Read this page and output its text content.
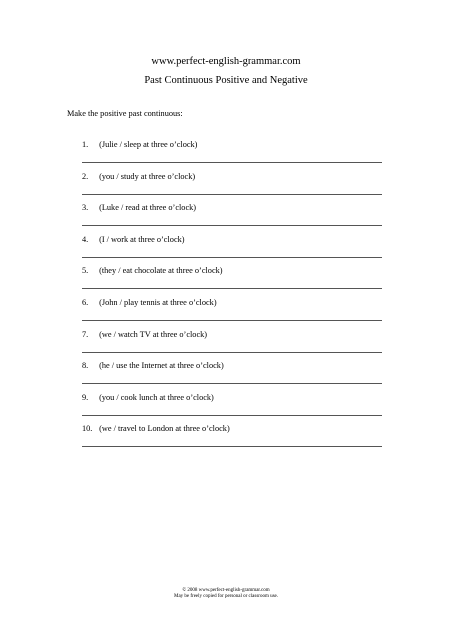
www.perfect-english-grammar.com
Past Continuous Positive and Negative
Make the positive past continuous:
1. (Julie / sleep at three o’clock)
2. (you / study at three o’clock)
3. (Luke / read at three o’clock)
4. (I / work at three o’clock)
5. (they / eat chocolate at three o’clock)
6. (John / play tennis at three o’clock)
7. (we / watch TV at three o’clock)
8. (he / use the Internet at three o’clock)
9. (you / cook lunch at three o’clock)
10. (we / travel to London at three o’clock)
© 2008 www.perfect-english-grammar.com
May be freely copied for personal or classroom use.
